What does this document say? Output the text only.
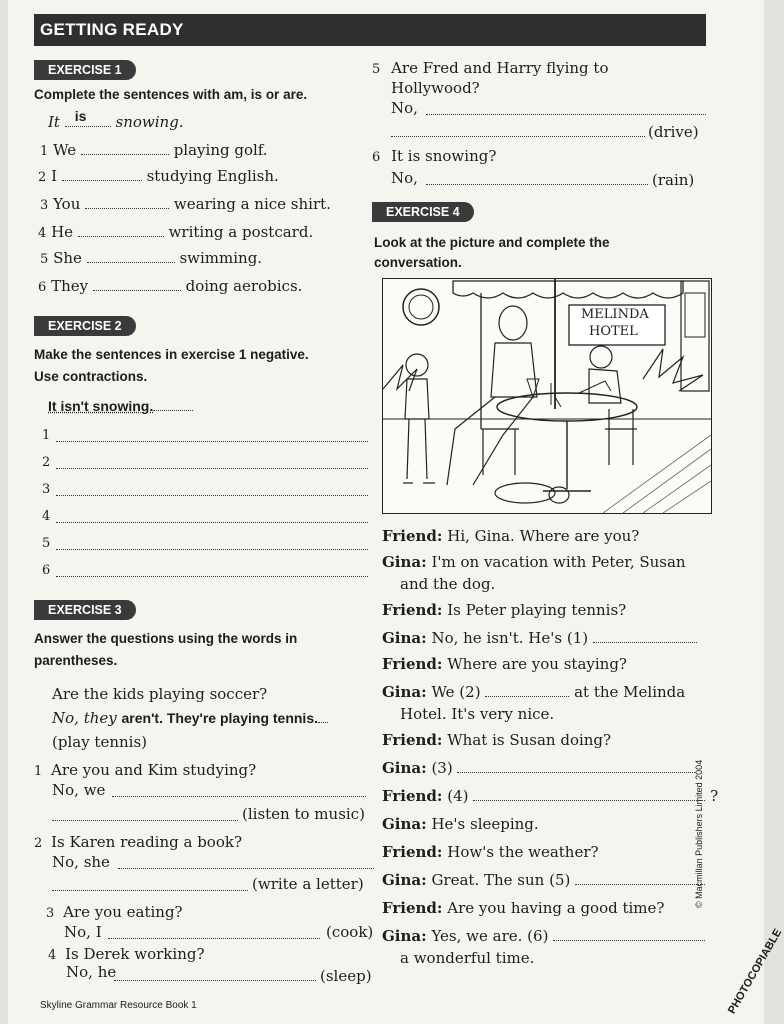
GETTING READY
EXERCISE 1
Complete the sentences with am, is or are.
It is snowing.
1 We	playing golf.
2 I	studying English.
3 You	wearing a nice shirt.
4 He	writing a postcard.
5 She	swimming.
6 They	doing aerobics.
EXERCISE 2
Make the sentences in exercise 1 negative.
Use contractions.
It isn't snowing.
1
2
3
4
5
6
EXERCISE 3
Answer the questions using the words in
parentheses.
Are the kids playing soccer?
No, they aren't. They're playing tennis.
(play tennis)
1 Are you and Kim studying?
No, we
(listen to music)
2 Is Karen reading a book?
No, she
(write a letter)
3 Are you eating?
No, I	(cook)
4 Is Derek working?
No, he	(sleep)
Skyline Grammar Resource Book 1
5 Are Fred and Harry flying to
Hollywood?
No,
(drive)
6 It is snowing?
No,	(rain)
EXERCISE 4
Look at the picture and complete the
conversation.
MELINDA
HOTEL
Friend: Hi, Gina. Where are you?
Gina: I'm on vacation with Peter, Susan
and the dog.
Friend: Is Peter playing tennis?
Gina: No, he isn't. He's (1)
Friend: Where are you staying?
Gina: We (2)	at the Melinda
Hotel. It's very nice.
Friend: What is Susan doing?
Gina: (3)
Friend: (4)	?
Gina: He's sleeping.
Friend: How's the weather?
Gina: Great. The sun (5)
Friend: Are you having a good time?
Gina: Yes, we are. (6)
a wonderful time.
© Macmillan Publishers Limited 2004
PHOTOCOPIABLE
